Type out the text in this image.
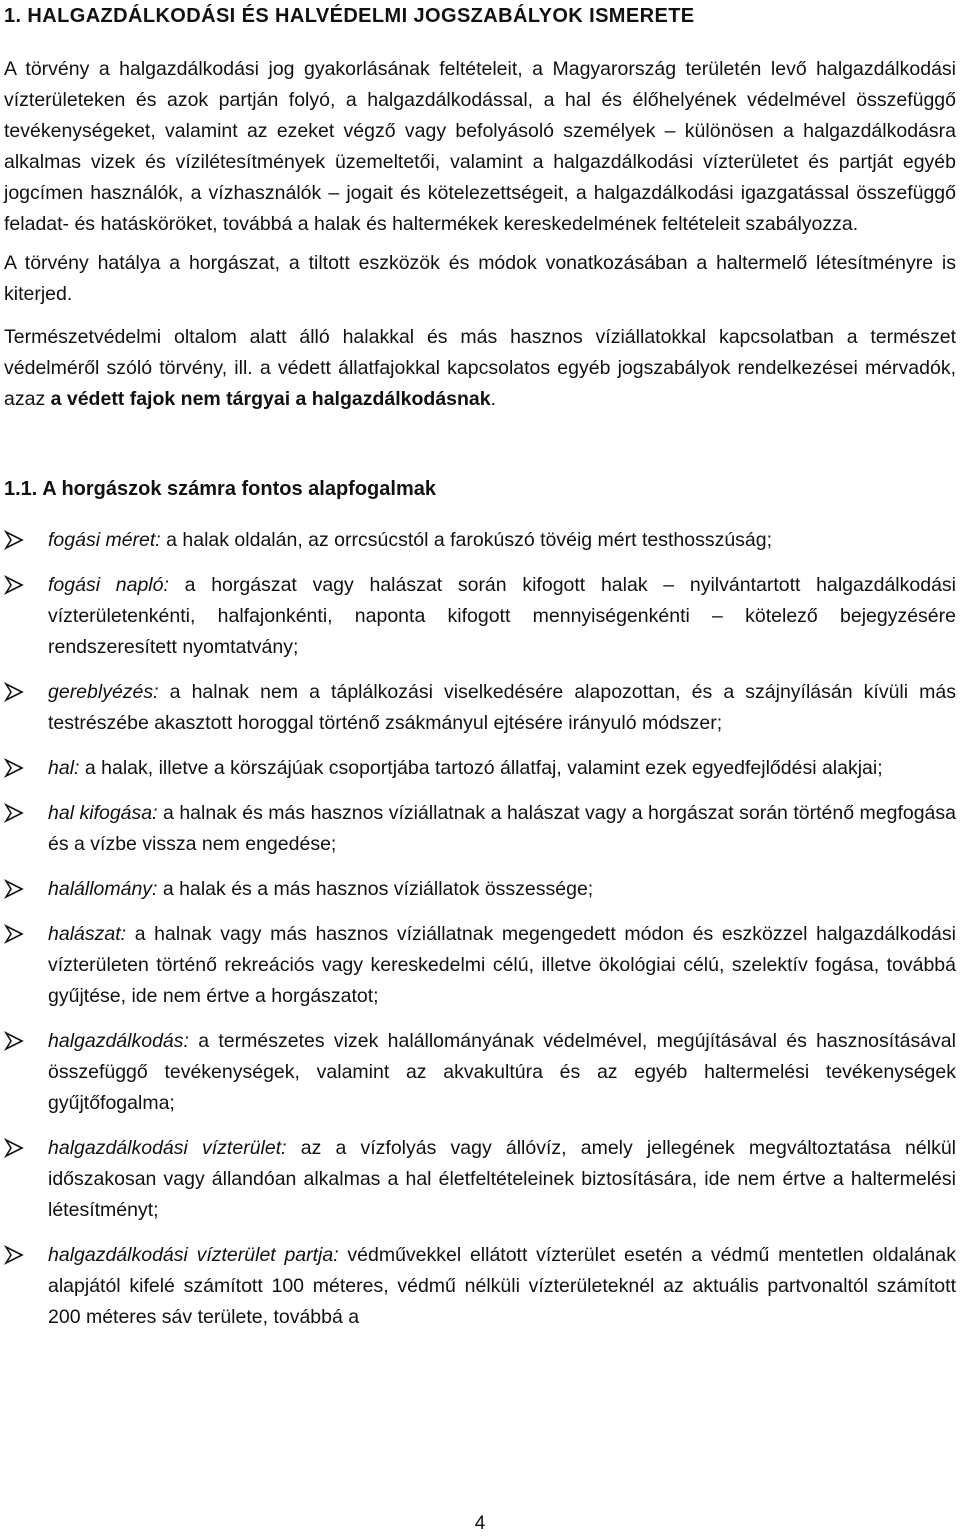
1. HALGAZDÁLKODÁSI ÉS HALVÉDELMI JOGSZABÁLYOK ISMERETE

A törvény a halgazdálkodási jog gyakorlásának feltételeit, a Magyarország területén levő halgazdálkodási vízterületeken és azok partján folyó, a halgazdálkodással, a hal és élőhelyének védelmével összefüggő tevékenységeket, valamint az ezeket végző vagy befolyásoló személyek – különösen a halgazdálkodásra alkalmas vizek és vízilétesítmények üzemeltetői, valamint a halgazdálkodási vízterületet és partját egyéb jogcímen használók, a vízhasználók – jogait és kötelezettségeit, a halgazdálkodási igazgatással összefüggő feladat- és hatásköröket, továbbá a halak és haltermékek kereskedelmének feltételeit szabályozza.

A törvény hatálya a horgászat, a tiltott eszközök és módok vonatkozásában a haltermelő létesítményre is kiterjed.

Természetvédelmi oltalom alatt álló halakkal és más hasznos víziállatokkal kapcsolatban a természet védelméről szóló törvény, ill. a védett állatfajokkal kapcsolatos egyéb jogszabályok rendelkezései mérvadók, azaz a védett fajok nem tárgyai a halgazdálkodásnak.

1.1. A horgászok számra fontos alapfogalmak
fogási méret: a halak oldalán, az orrcsúcstól a farokúszó tövéig mért testhosszúság;
fogási napló: a horgászat vagy halászat során kifogott halak – nyilvántartott halgazdálkodási vízterületenkénti, halfajonkénti, naponta kifogott mennyiségenkénti – kötelező bejegyzésére rendszeresített nyomtatvány;
gereblyézés: a halnak nem a táplálkozási viselkedésére alapozottan, és a szájnyílásán kívüli más testrészébe akasztott horoggal történő zsákmányul ejtésére irányuló módszer;
hal: a halak, illetve a körszájúak csoportjába tartozó állatfaj, valamint ezek egyedfejlődési alakjai;
hal kifogása: a halnak és más hasznos víziállatnak a halászat vagy a horgászat során történő megfogása és a vízbe vissza nem engedése;
halállomány: a halak és a más hasznos víziállatok összessége;
halászat: a halnak vagy más hasznos víziállatnak megengedett módon és eszközzel halgazdálkodási vízterületen történő rekreációs vagy kereskedelmi célú, illetve ökológiai célú, szelektív fogása, továbbá gyűjtése, ide nem értve a horgászatot;
halgazdálkodás: a természetes vizek halállományának védelmével, megújításával és hasznosításával összefüggő tevékenységek, valamint az akvakultúra és az egyéb haltermelési tevékenységek gyűjtőfogalma;
halgazdálkodási vízterület: az a vízfolyás vagy állóvíz, amely jellegének megváltoztatása nélkül időszakosan vagy állandóan alkalmas a hal életfeltételeinek biztosítására, ide nem értve a haltermelési létesítményt;
halgazdálkodási vízterület partja: védművekkel ellátott vízterület esetén a védmű mentetlen oldalának alapjától kifelé számított 100 méteres, védmű nélküli vízterületeknél az aktuális partvonaltól számított 200 méteres sáv területe, továbbá a
4
